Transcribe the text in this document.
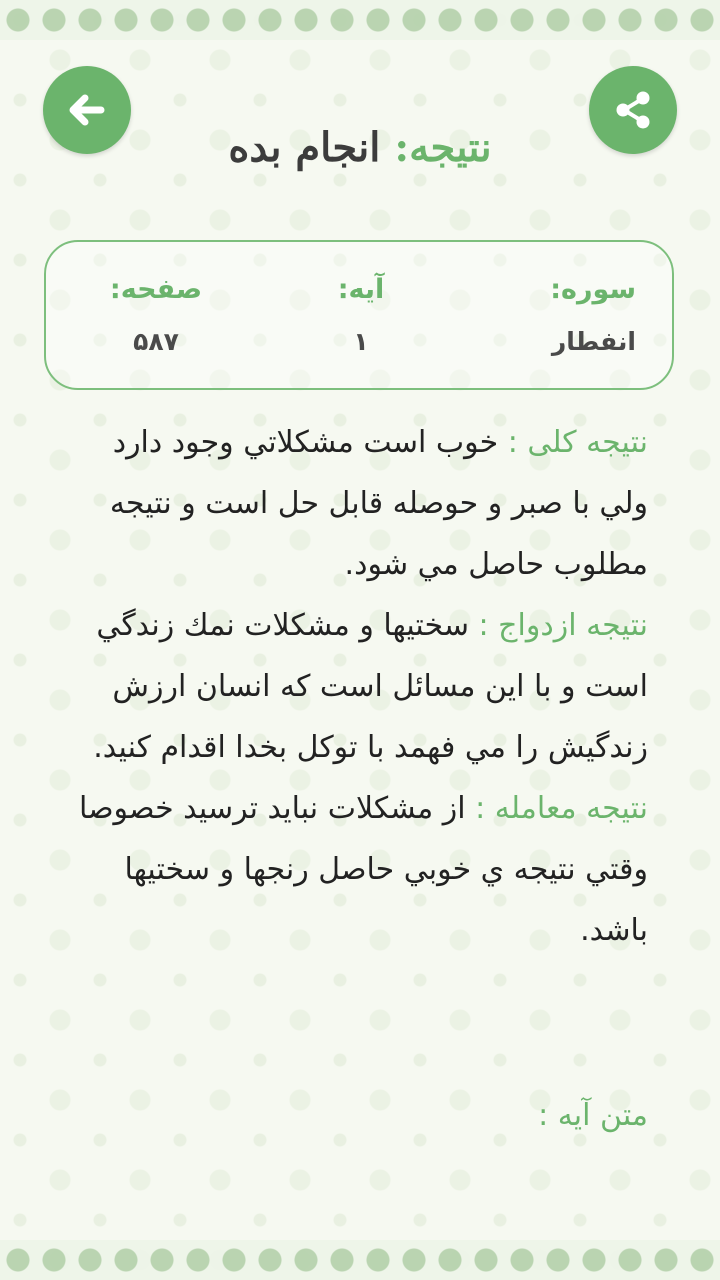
نتیجه: انجام بده
سوره:
انفطار
آیه:
۱
صفحه:
۵۸۷

نتيجه کلی : خوب است مشكلاتي وجود دارد ولي با صبر و حوصله قابل حل است و نتيجه مطلوب حاصل مي شود.

نتيجه ازدواج : سختيها و مشكلات نمك زندگي است و با اين مسائل است كه انسان ارزش زندگيش را مي فهمد با توكل بخدا اقدام كنيد.

نتيجه معامله : از مشكلات نبايد ترسيد خصوصا وقتي نتيجه ي خوبي حاصل رنجها و سختيها باشد.

متن آیه :
